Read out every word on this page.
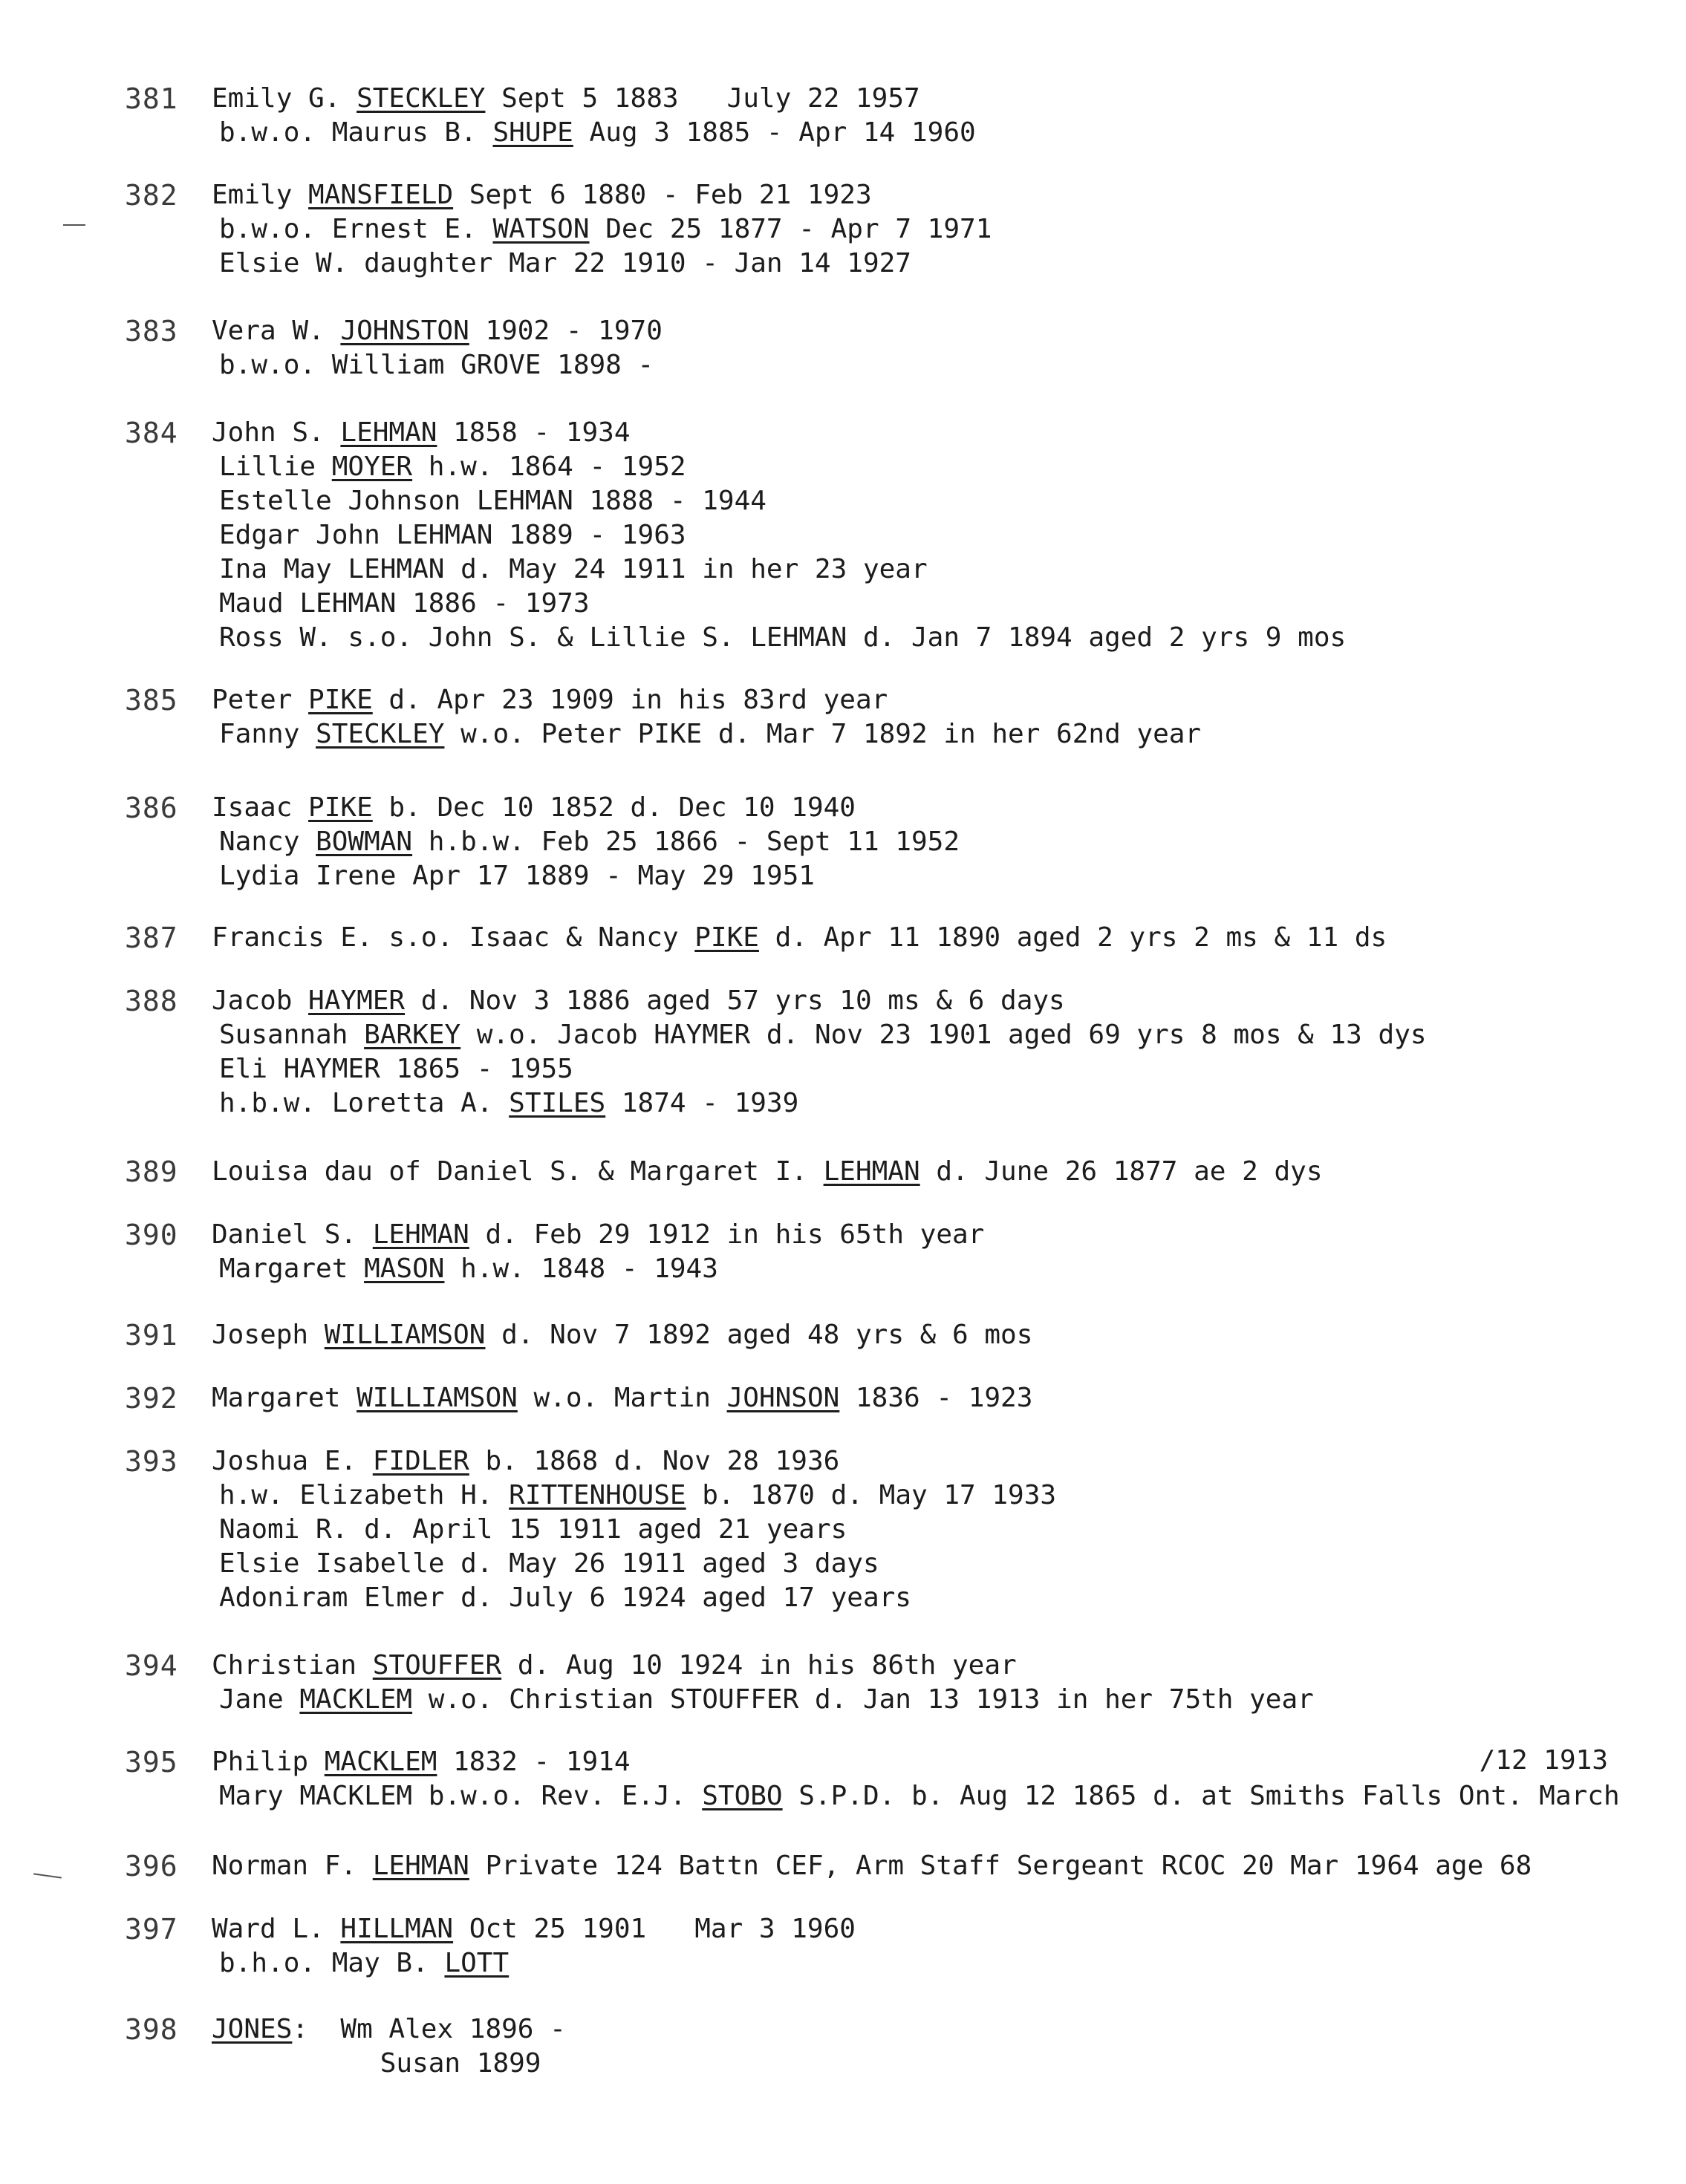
381	Emily G. STECKLEY Sept 5 1883   July 22 1957
b.w.o. Maurus B. SHUPE Aug 3 1885 - Apr 14 1960
382	Emily MANSFIELD Sept 6 1880 - Feb 21 1923
b.w.o. Ernest E. WATSON Dec 25 1877 - Apr 7 1971
Elsie W. daughter Mar 22 1910 - Jan 14 1927
383	Vera W. JOHNSTON 1902 - 1970
b.w.o. William GROVE 1898 -
384	John S. LEHMAN 1858 - 1934
Lillie MOYER h.w. 1864 - 1952
Estelle Johnson LEHMAN 1888 - 1944
Edgar John LEHMAN 1889 - 1963
Ina May LEHMAN d. May 24 1911 in her 23 year
Maud LEHMAN 1886 - 1973
Ross W. s.o. John S. & Lillie S. LEHMAN d. Jan 7 1894 aged 2 yrs 9 mos
385	Peter PIKE d. Apr 23 1909 in his 83rd year
Fanny STECKLEY w.o. Peter PIKE d. Mar 7 1892 in her 62nd year
386	Isaac PIKE b. Dec 10 1852 d. Dec 10 1940
Nancy BOWMAN h.b.w. Feb 25 1866 - Sept 11 1952
Lydia Irene Apr 17 1889 - May 29 1951
387	Francis E. s.o. Isaac & Nancy PIKE d. Apr 11 1890 aged 2 yrs 2 ms & 11 ds
388	Jacob HAYMER d. Nov 3 1886 aged 57 yrs 10 ms & 6 days
Susannah BARKEY w.o. Jacob HAYMER d. Nov 23 1901 aged 69 yrs 8 mos & 13 dys
Eli HAYMER 1865 - 1955
h.b.w. Loretta A. STILES 1874 - 1939
389	Louisa dau of Daniel S. & Margaret I. LEHMAN d. June 26 1877 ae 2 dys
390	Daniel S. LEHMAN d. Feb 29 1912 in his 65th year
Margaret MASON h.w. 1848 - 1943
391	Joseph WILLIAMSON d. Nov 7 1892 aged 48 yrs & 6 mos
392	Margaret WILLIAMSON w.o. Martin JOHNSON 1836 - 1923
393	Joshua E. FIDLER b. 1868 d. Nov 28 1936
h.w. Elizabeth H. RITTENHOUSE b. 1870 d. May 17 1933
Naomi R. d. April 15 1911 aged 21 years
Elsie Isabelle d. May 26 1911 aged 3 days
Adoniram Elmer d. July 6 1924 aged 17 years
394	Christian STOUFFER d. Aug 10 1924 in his 86th year
Jane MACKLEM w.o. Christian STOUFFER d. Jan 13 1913 in her 75th year
395	Philip MACKLEM 1832 - 1914
Mary MACKLEM b.w.o. Rev. E.J. STOBO S.P.D. b. Aug 12 1865 d. at Smiths Falls Ont. March
/12 1913
396	Norman F. LEHMAN Private 124 Battn CEF, Arm Staff Sergeant RCOC 20 Mar 1964 age 68
397	Ward L. HILLMAN Oct 25 1901   Mar 3 1960
b.h.o. May B. LOTT
398	JONES:  Wm Alex 1896 -
Susan 1899
